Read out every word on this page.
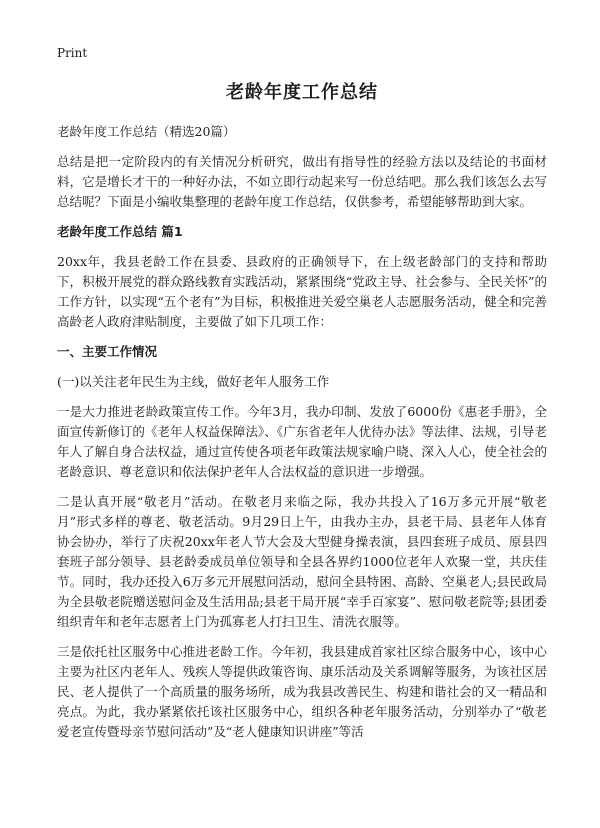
Print
老龄年度工作总结
老龄年度工作总结（精选20篇）

总结是把一定阶段内的有关情况分析研究，做出有指导性的经验方法以及结论的书面材料，它是增长才干的一种好办法，不如立即行动起来写一份总结吧。那么我们该怎么去写总结呢？下面是小编收集整理的老龄年度工作总结，仅供参考，希望能够帮助到大家。

老龄年度工作总结 篇1

20xx年，我县老龄工作在县委、县政府的正确领导下，在上级老龄部门的支持和帮助下，积极开展党的群众路线教育实践活动，紧紧围绕“党政主导、社会参与、全民关怀”的工作方针，以实现“五个老有”为目标，积极推进关爱空巢老人志愿服务活动，健全和完善高龄老人政府津贴制度，主要做了如下几项工作：

一、主要工作情况

(一)以关注老年民生为主线，做好老年人服务工作

一是大力推进老龄政策宣传工作。今年3月，我办印制、发放了6000份《惠老手册》，全面宣传新修订的《老年人权益保障法》、《广东省老年人优待办法》等法律、法规，引导老年人了解自身合法权益，通过宣传使各项老年政策法规家喻户晓、深入人心，使全社会的老龄意识、尊老意识和依法保护老年人合法权益的意识进一步增强。

二是认真开展“敬老月”活动。在敬老月来临之际，我办共投入了16万多元开展“敬老月”形式多样的尊老、敬老活动。9月29日上午，由我办主办，县老干局、县老年人体育协会协办，举行了庆祝20xx年老人节大会及大型健身操表演，县四套班子成员、原县四套班子部分领导、县老龄委成员单位领导和全县各界约1000位老年人欢聚一堂，共庆佳节。同时，我办还投入6万多元开展慰问活动，慰问全县特困、高龄、空巢老人;县民政局为全县敬老院赠送慰问金及生活用品;县老干局开展“幸手百家宴”、慰问敬老院等;县团委组织青年和老年志愿者上门为孤寡老人打扫卫生、清洗衣服等。

三是依托社区服务中心推进老龄工作。今年初，我县建成首家社区综合服务中心，该中心主要为社区内老年人、残疾人等提供政策咨询、康乐活动及关系调解等服务，为该社区居民、老人提供了一个高质量的服务场所，成为我县改善民生、构建和谐社会的又一精品和亮点。为此，我办紧紧依托该社区服务中心，组织各种老年服务活动，分别举办了“敬老爱老宣传暨母亲节慰问活动”及“老人健康知识讲座”等活
